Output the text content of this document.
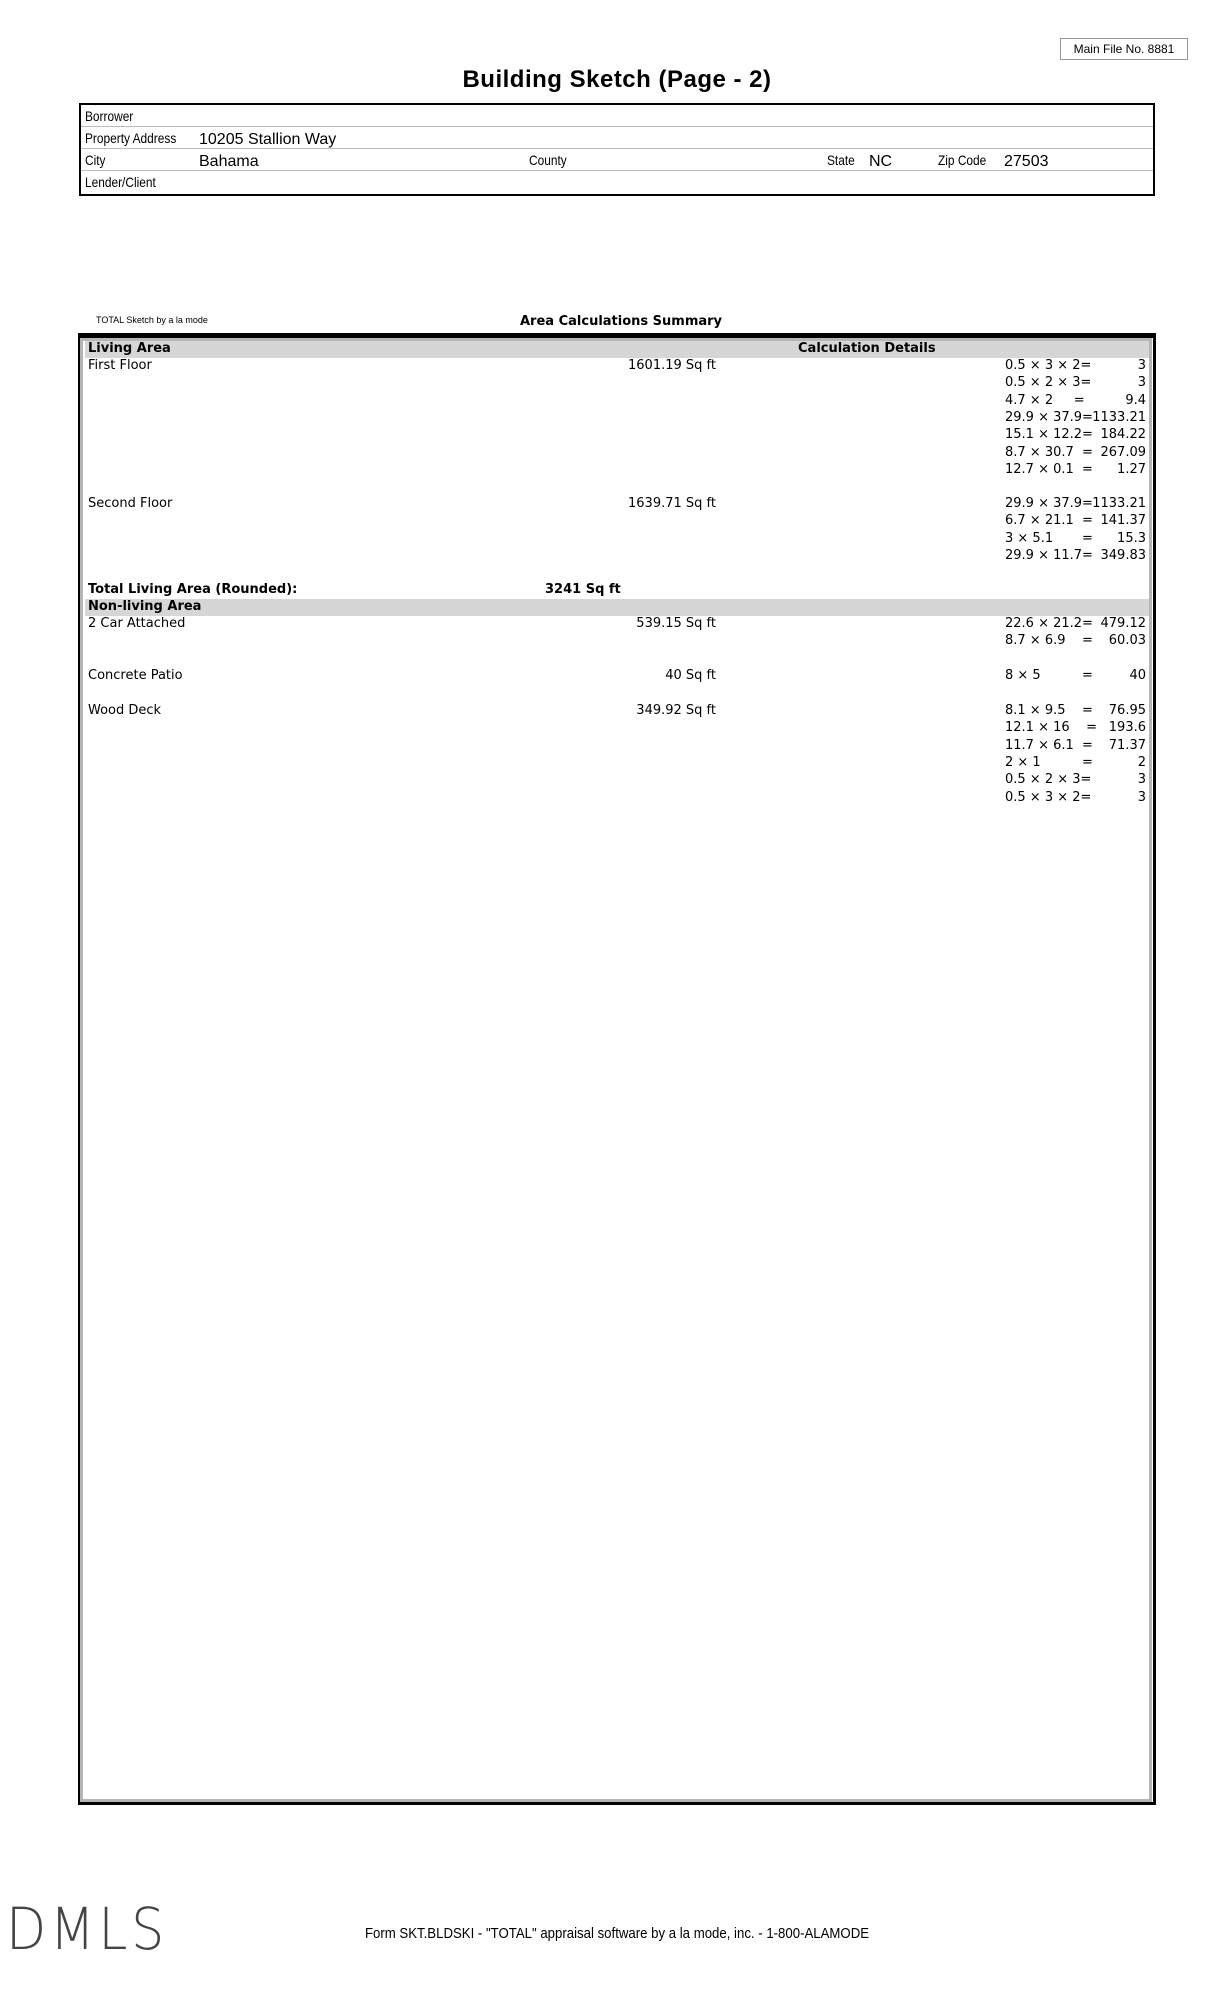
Main File No. 8881
Building Sketch (Page - 2)
Borrower
Property Address 10205 Stallion Way
City	Bahama	County	State NC	Zip Code 27503
Lender/Client
TOTAL Sketch by a la mode	Area Calculations Summary
Living Area	Calculation Details
First Floor	1601.19 Sq ft	0.5 × 3 × 2=	3
0.5 × 2 × 3=	3
4.7 × 2     =	9.4
29.9 × 37.9= 1133.21
15.1 × 12.2= 184.22
8.7 × 30.7  = 267.09
12.7 × 0.1  =	1.27
Second Floor	1639.71 Sq ft	29.9 × 37.9= 1133.21
6.7 × 21.1  = 141.37
3 × 5.1       =	15.3
29.9 × 11.7= 349.83
Total Living Area (Rounded):	3241 Sq ft
Non-living Area
2 Car Attached	539.15 Sq ft	22.6 × 21.2= 479.12
8.7 × 6.9    =	60.03
Concrete Patio	40 Sq ft	8 × 5          =	40
Wood Deck	349.92 Sq ft	8.1 × 9.5    =	76.95
12.1 × 16    = 193.6
11.7 × 6.1  =	71.37
2 × 1          =	2
0.5 × 2 × 3=	3
0.5 × 3 × 2=	3
DMLS	Form SKT.BLDSKI - "TOTAL" appraisal software by a la mode, inc. - 1-800-ALAMODE
